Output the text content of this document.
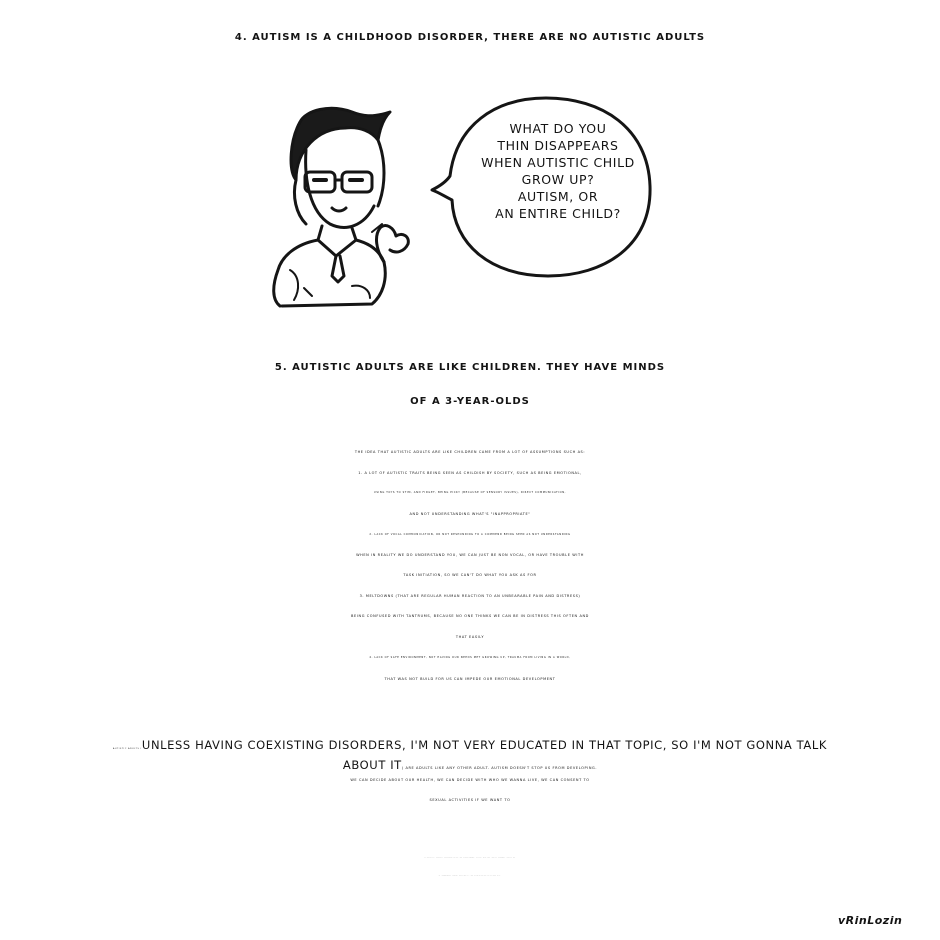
4. AUTISM IS A CHILDHOOD DISORDER, THERE ARE NO AUTISTIC ADULTS
WHAT DO YOU
THIN DISAPPEARS
WHEN AUTISTIC CHILD
GROW UP?
AUTISM, OR
AN ENTIRE CHILD?
5. AUTISTIC ADULTS ARE LIKE CHILDREN. THEY HAVE MINDS
OF A 3-YEAR-OLDS
THE IDEA THAT AUTISTIC ADULTS ARE LIKE CHILDREN CAME FROM A LOT OF ASSUMPTIONS SUCH AS:
1. A LOT OF AUTISTIC TRAITS BEING SEEN AS CHILDISH BY SOCIETY, SUCH AS BEING EMOTIONAL,
USING TOYS TO STIM, AND FIDGET, BEING PICKY (BECAUSE OF SENSORY ISSUES), DIRECT COMMUNICATION,
AND NOT UNDERSTANDING WHAT'S "INAPPROPRIATE"
2. LACK OF VOCAL COMMUNICATION, OR NOT RESPONDING TO A COMMEND BEING SEEN AS NOT UNDERSTANDING
WHEN IN REALITY WE DO UNDERSTAND YOU, WE CAN JUST BE NON VOCAL, OR HAVE TROUBLE WITH
TASK INITIATION, SO WE CAN'T DO WHAT YOU ASK AS FOR
3. MELTDOWNS (THAT ARE REGULAR HUMAN REACTION TO AN UNBEARABLE PAIN AND DISTRESS)
BEING CONFUSED WITH TANTRUMS, BECAUSE NO ONE THINKS WE CAN BE IN DISTRESS THIS OFTEN AND
THAT EASILY
4. LACK OF SAFE ENVIRONMENT, NOT HAVING OUR NEEDS MET GROWING UP, TRAUMA FROM LIVING IN A WORLD,
THAT WAS NOT BUILD FOR US CAN IMPEDE OUR EMOTIONAL DEVELOPMENT
AUTISTIC ADULTS (UNLESS HAVING COEXISTING DISORDERS, I'M NOT VERY EDUCATED IN THAT TOPIC, SO I'M NOT GONNA TALK
ABOUT IT) ARE ADULTS LIKE ANY OTHER ADULT. AUTISM DOESN'T STOP US FROM DEVELOPING.
WE CAN DECIDE ABOUT OUR HEALTH, WE CAN DECIDE WITH WHO WE WANNA LIVE, WE CAN CONSENT TO
SEXUAL ACTIVITIES IF WE WANT TO
vRinLozin
